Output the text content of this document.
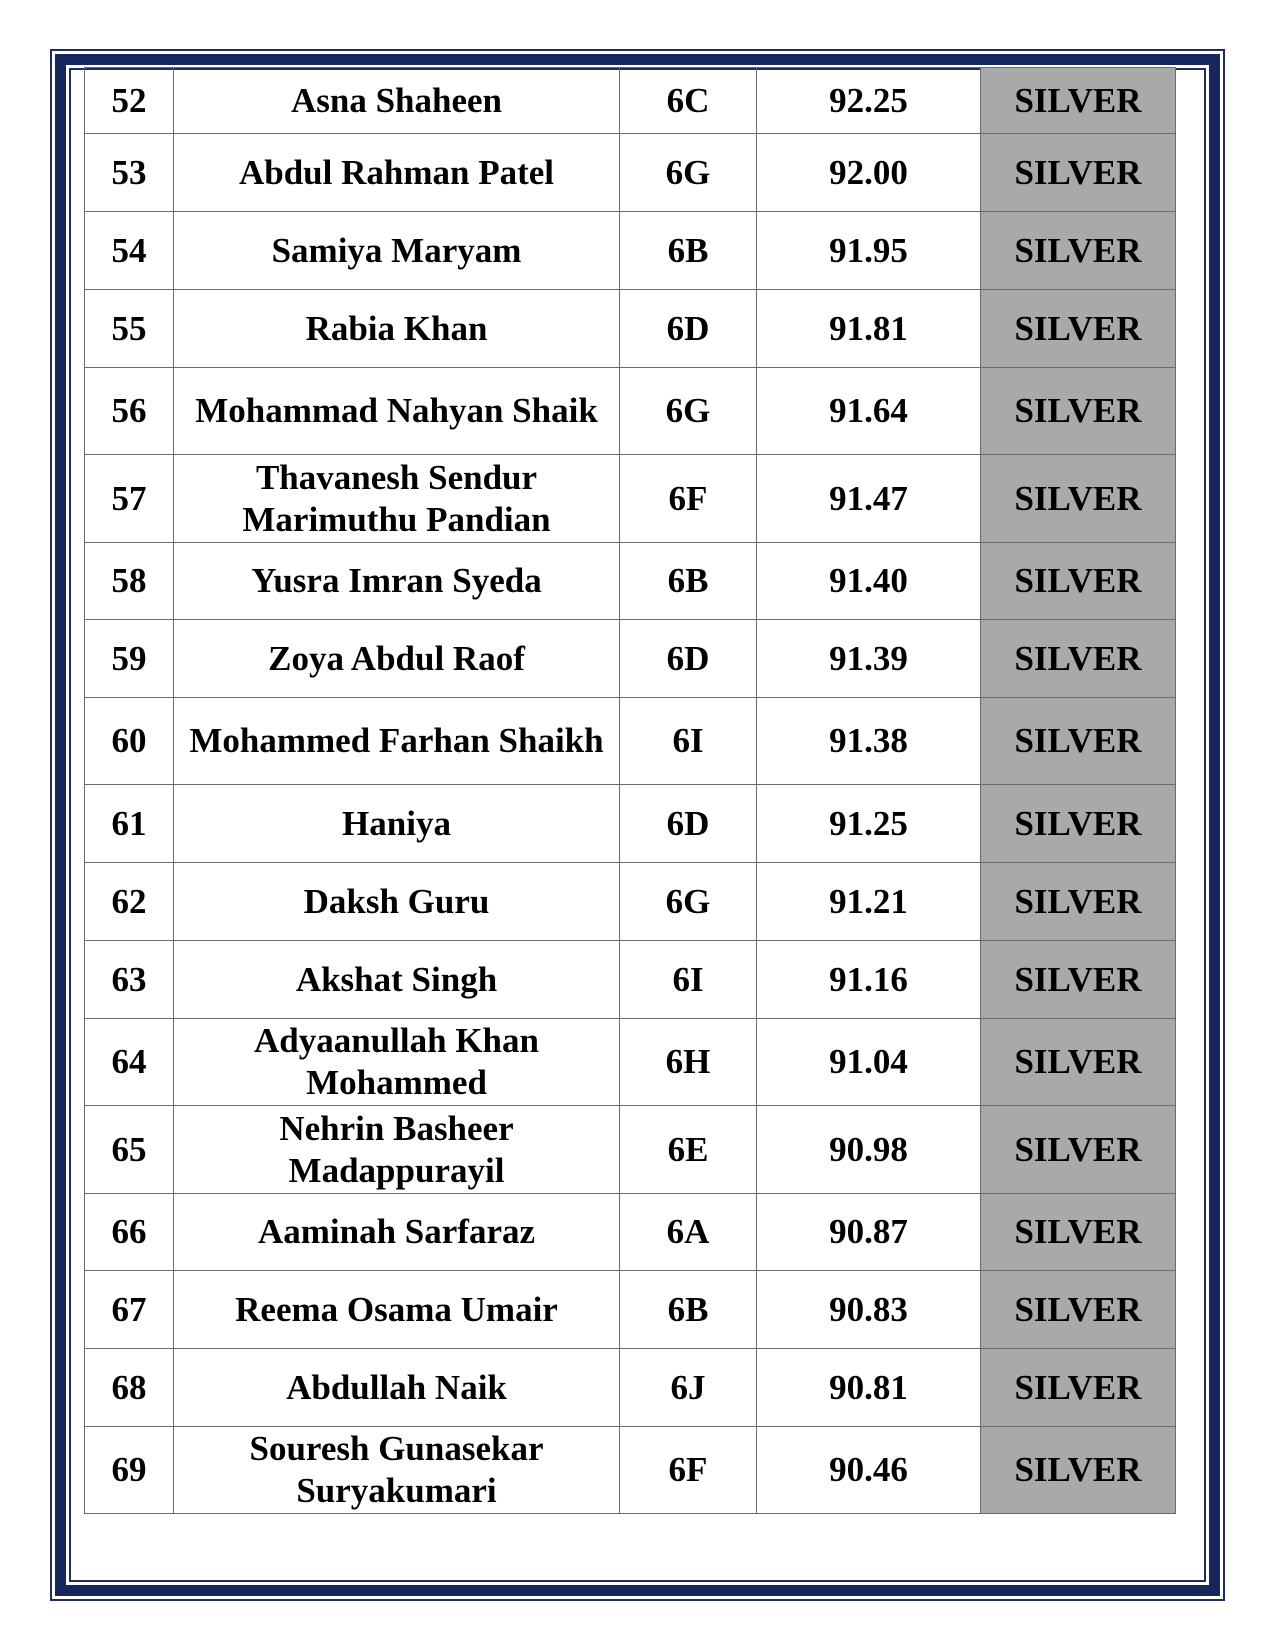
52	Asna Shaheen	6C	92.25	SILVER
53	Abdul Rahman Patel	6G	92.00	SILVER
54	Samiya Maryam	6B	91.95	SILVER
55	Rabia Khan	6D	91.81	SILVER
56	Mohammad Nahyan Shaik	6G	91.64	SILVER
57	Thavanesh Sendur Marimuthu Pandian	6F	91.47	SILVER
58	Yusra Imran Syeda	6B	91.40	SILVER
59	Zoya Abdul Raof	6D	91.39	SILVER
60	Mohammed Farhan Shaikh	6I	91.38	SILVER
61	Haniya	6D	91.25	SILVER
62	Daksh Guru	6G	91.21	SILVER
63	Akshat Singh	6I	91.16	SILVER
64	Adyaanullah Khan Mohammed	6H	91.04	SILVER
65	Nehrin Basheer Madappurayil	6E	90.98	SILVER
66	Aaminah Sarfaraz	6A	90.87	SILVER
67	Reema Osama Umair	6B	90.83	SILVER
68	Abdullah Naik	6J	90.81	SILVER
69	Souresh Gunasekar Suryakumari	6F	90.46	SILVER
